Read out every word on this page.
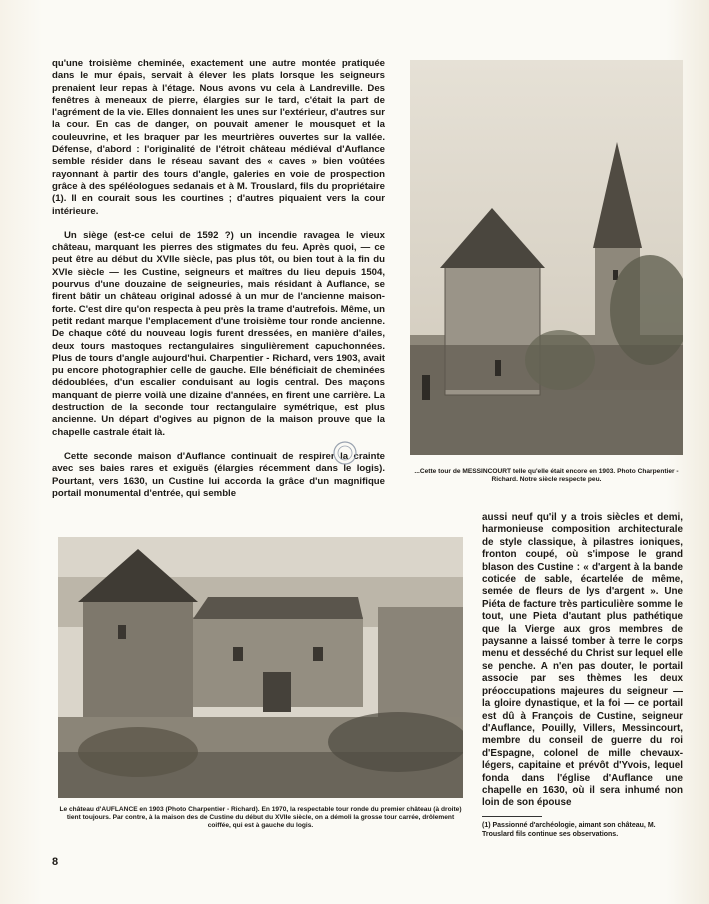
qu'une troisième cheminée, exactement une autre montée pratiquée dans le mur épais, servait à élever les plats lorsque les seigneurs prenaient leur repas à l'étage. Nous avons vu cela à Landreville. Des fenêtres à meneaux de pierre, élargies sur le tard, c'était la part de l'agrément de la vie. Elles donnaient les unes sur l'extérieur, d'autres sur la cour. En cas de danger, on pouvait amener le mousquet et la couleuvrine, et les braquer par les meurtrières ouvertes sur la vallée. Défense, d'abord : l'originalité de l'étroit château médiéval d'Auflance semble résider dans le réseau savant des « caves » bien voûtées rayonnant à partir des tours d'angle, galeries en voie de prospection grâce à des spéléologues sedanais et à M. Trouslard, fils du propriétaire (1). Il en courait sous les courtines ; d'autres piquaient vers la cour intérieure.

Un siège (est-ce celui de 1592 ?) un incendie ravagea le vieux château, marquant les pierres des stigmates du feu. Après quoi, — ce peut être au début du XVIIe siècle, pas plus tôt, ou bien tout à la fin du XVIe siècle — les Custine, seigneurs et maîtres du lieu depuis 1504, pourvus d'une douzaine de seigneuries, mais résidant à Auflance, se firent bâtir un château original adossé à un mur de l'ancienne maison-forte. C'est dire qu'on respecta à peu près la trame d'autrefois. Même, un petit redant marque l'emplacement d'une troisième tour ronde ancienne. De chaque côté du nouveau logis furent dressées, en manière d'ailes, deux tours mastoques rectangulaires singulièrement capuchonnées. Plus de tours d'angle aujourd'hui. Charpentier - Richard, vers 1903, avait pu encore photographier celle de gauche. Elle bénéficiait de cheminées dédoublées, d'un escalier conduisant au logis central. Des maçons manquant de pierre voilà une dizaine d'années, en firent une carrière. La destruction de la seconde tour rectangulaire symétrique, est plus ancienne. Un départ d'ogives au pignon de la maison prouve que la chapelle castrale était là.

Cette seconde maison d'Auflance continuait de respirer la crainte avec ses baies rares et exiguës (élargies récemment dans le logis). Pourtant, vers 1630, un Custine lui accorda la grâce d'un magnifique portail monumental d'entrée, qui semble

...Cette tour de MESSINCOURT telle qu'elle était encore en 1903. Photo Charpentier - Richard. Notre siècle respecte peu.
Le château d'AUFLANCE en 1903 (Photo Charpentier - Richard). En 1970, la respectable tour ronde du premier château (à droite) tient toujours. Par contre, à la maison des de Custine du début du XVIIe siècle, on a démoli la grosse tour carrée, drôlement coiffée, qui est à gauche du logis.

aussi neuf qu'il y a trois siècles et demi, harmonieuse composition architecturale de style classique, à pilastres ioniques, fronton coupé, où s'impose le grand blason des Custine : « d'argent à la bande coticée de sable, écartelée de même, semée de fleurs de lys d'argent ». Une Piéta de facture très particulière somme le tout, une Pieta d'autant plus pathétique que la Vierge aux gros membres de paysanne a laissé tomber à terre le corps menu et desséché du Christ sur lequel elle se penche. A n'en pas douter, le portail associe par ses thèmes les deux préoccupations majeures du seigneur — la gloire dynastique, et la foi — ce portail est dû à François de Custine, seigneur d'Auflance, Pouilly, Villers, Messincourt, membre du conseil de guerre du roi d'Espagne, colonel de mille chevaux-légers, capitaine et prévôt d'Yvois, lequel fonda dans l'église d'Auflance une chapelle en 1630, où il sera inhumé non loin de son épouse

(1) Passionné d'archéologie, aimant son château, M. Trouslard fils continue ses observations.
8
